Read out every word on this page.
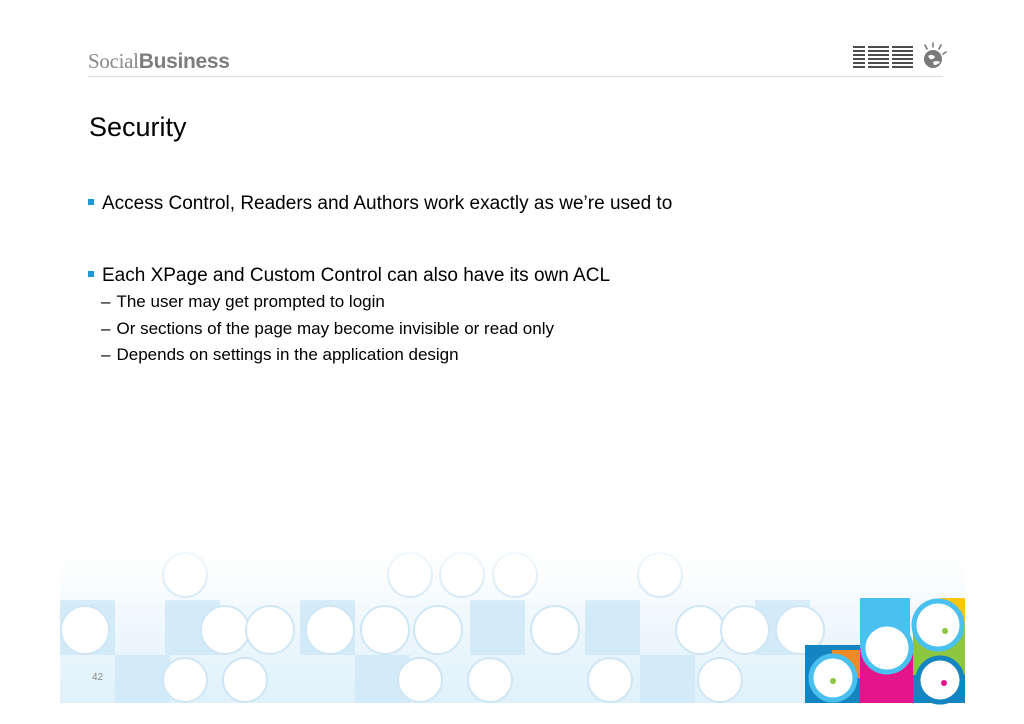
SocialBusiness
Security
Access Control, Readers and Authors work exactly as we’re used to
Each XPage and Custom Control can also have its own ACL
– The user may get prompted to login
– Or sections of the page may become invisible or read only
– Depends on settings in the application design
42
